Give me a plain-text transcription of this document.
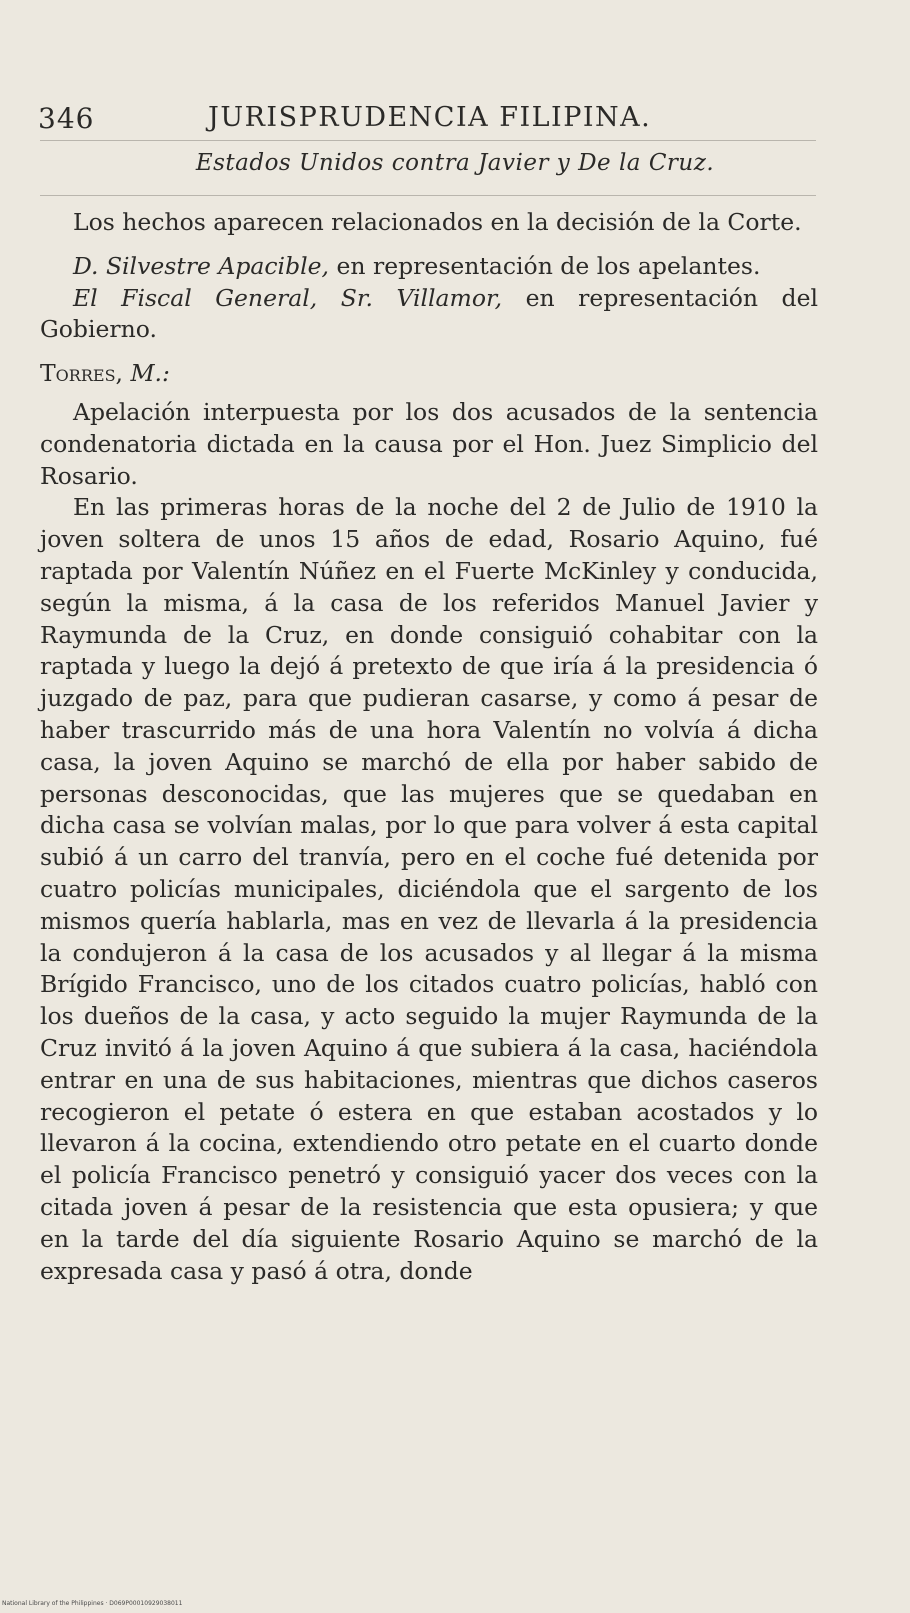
346	JURISPRUDENCIA FILIPINA.
Estados Unidos contra Javier y De la Cruz.

Los hechos aparecen relacionados en la decisión de la Corte.

D. Silvestre Apacible, en representación de los apelantes.

El Fiscal General, Sr. Villamor, en representación del Gobierno.

Torres, M.:

Apelación interpuesta por los dos acusados de la sentencia condenatoria dictada en la causa por el Hon. Juez Simplicio del Rosario.

En las primeras horas de la noche del 2 de Julio de 1910 la joven soltera de unos 15 años de edad, Rosario Aquino, fué raptada por Valentín Núñez en el Fuerte McKinley y conducida, según la misma, á la casa de los referidos Manuel Javier y Raymunda de la Cruz, en donde consiguió cohabitar con la raptada y luego la dejó á pretexto de que iría á la presidencia ó juzgado de paz, para que pudieran casarse, y como á pesar de haber trascurrido más de una hora Valentín no volvía á dicha casa, la joven Aquino se marchó de ella por haber sabido de personas desconocidas, que las mujeres que se quedaban en dicha casa se volvían malas, por lo que para volver á esta capital subió á un carro del tranvía, pero en el coche fué detenida por cuatro policías municipales, diciéndola que el sargento de los mismos quería hablarla, mas en vez de llevarla á la presidencia la condujeron á la casa de los acusados y al llegar á la misma Brígido Francisco, uno de los citados cuatro policías, habló con los dueños de la casa, y acto seguido la mujer Raymunda de la Cruz invitó á la joven Aquino á que subiera á la casa, haciéndola entrar en una de sus habitaciones, mientras que dichos caseros recogieron el petate ó estera en que estaban acostados y lo llevaron á la cocina, extendiendo otro petate en el cuarto donde el policía Francisco penetró y consiguió yacer dos veces con la citada joven á pesar de la resistencia que esta opusiera; y que en la tarde del día siguiente Rosario Aquino se marchó de la expresada casa y pasó á otra, donde

National Library of the Philippines · D069P00010929038011
